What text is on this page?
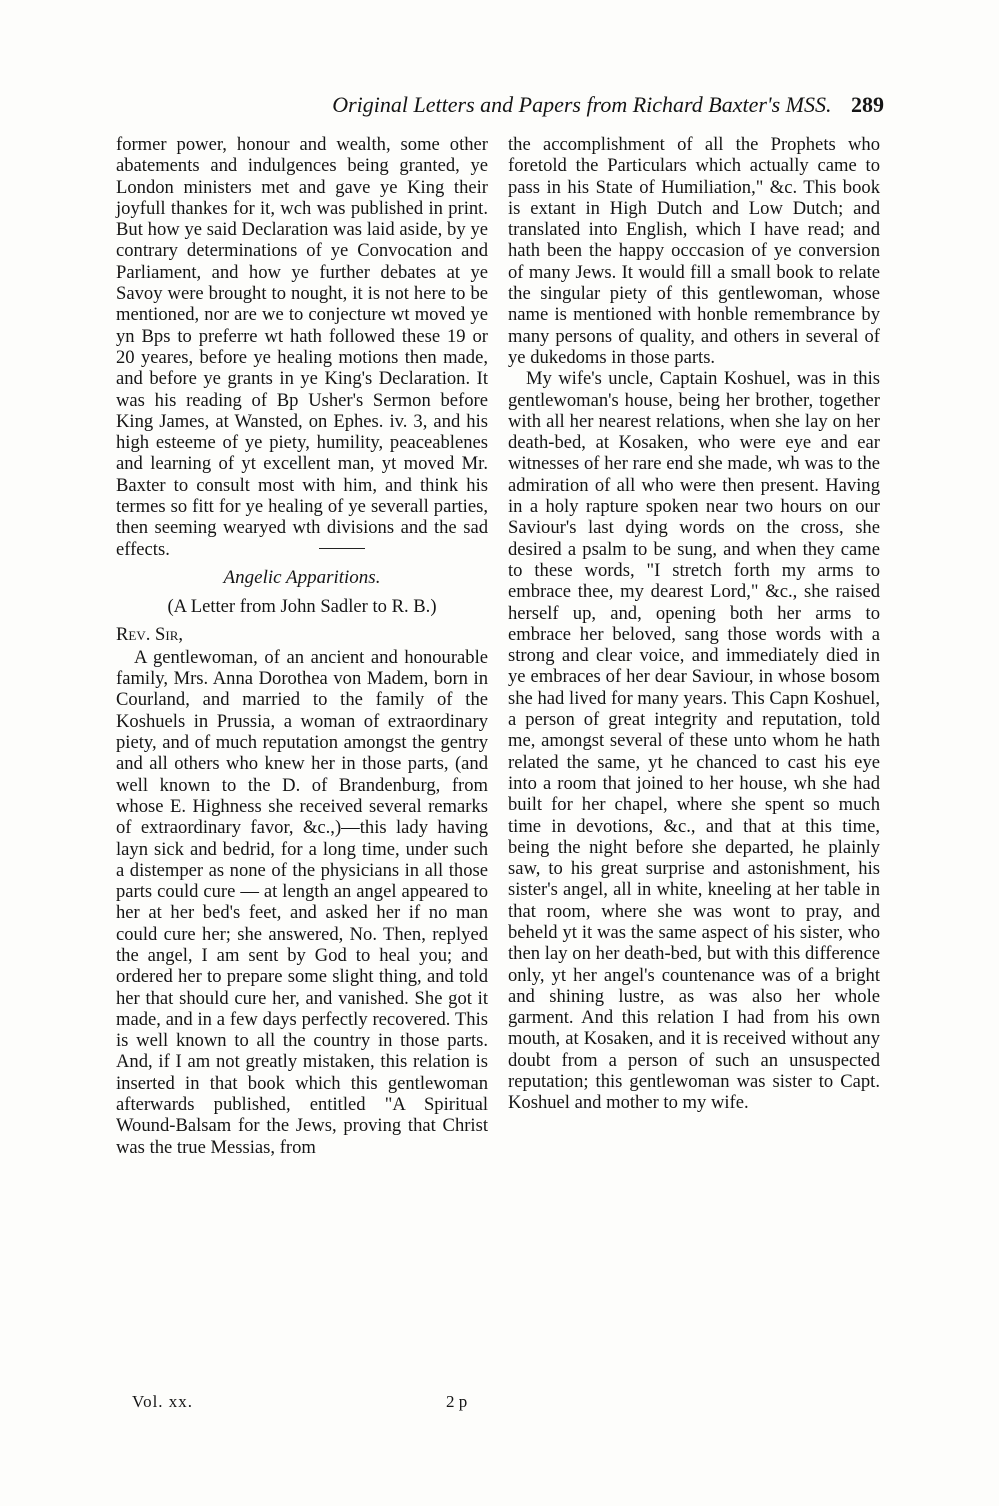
Original Letters and Papers from Richard Baxter's MSS. 289

former power, honour and wealth, some other abatements and indulgences being granted, ye London ministers met and gave ye King their joyfull thankes for it, wch was published in print. But how ye said Declaration was laid aside, by ye contrary determinations of ye Convocation and Parliament, and how ye further debates at ye Savoy were brought to nought, it is not here to be mentioned, nor are we to conjecture wt moved ye yn Bps to preferre wt hath followed these 19 or 20 yeares, before ye healing motions then made, and before ye grants in ye King's Declaration. It was his reading of Bp Usher's Sermon before King James, at Wansted, on Ephes. iv. 3, and his high esteeme of ye piety, humility, peaceablenes and learning of yt excellent man, yt moved Mr. Baxter to consult most with him, and think his termes so fitt for ye healing of ye severall parties, then seeming wearyed wth divisions and the sad effects.

Angelic Apparitions.
(A Letter from John Sadler to R. B.)
Rev. Sir,

A gentlewoman, of an ancient and honourable family, Mrs. Anna Dorothea von Madem, born in Courland, and married to the family of the Koshuels in Prussia, a woman of extraordinary piety, and of much reputation amongst the gentry and all others who knew her in those parts, (and well known to the D. of Brandenburg, from whose E. Highness she received several remarks of extraordinary favor, &c.,)—this lady having layn sick and bedrid, for a long time, under such a distemper as none of the physicians in all those parts could cure — at length an angel appeared to her at her bed's feet, and asked her if no man could cure her; she answered, No. Then, replyed the angel, I am sent by God to heal you; and ordered her to prepare some slight thing, and told her that should cure her, and vanished. She got it made, and in a few days perfectly recovered. This is well known to all the country in those parts. And, if I am not greatly mistaken, this relation is inserted in that book which this gentlewoman afterwards published, entitled "A Spiritual Wound-Balsam for the Jews, proving that Christ was the true Messias, from

the accomplishment of all the Prophets who foretold the Particulars which actually came to pass in his State of Humiliation," &c. This book is extant in High Dutch and Low Dutch; and translated into English, which I have read; and hath been the happy occcasion of ye conversion of many Jews. It would fill a small book to relate the singular piety of this gentlewoman, whose name is mentioned with honble remembrance by many persons of quality, and others in several of ye dukedoms in those parts.

My wife's uncle, Captain Koshuel, was in this gentlewoman's house, being her brother, together with all her nearest relations, when she lay on her death-bed, at Kosaken, who were eye and ear witnesses of her rare end she made, wh was to the admiration of all who were then present. Having in a holy rapture spoken near two hours on our Saviour's last dying words on the cross, she desired a psalm to be sung, and when they came to these words, "I stretch forth my arms to embrace thee, my dearest Lord," &c., she raised herself up, and, opening both her arms to embrace her beloved, sang those words with a strong and clear voice, and immediately died in ye embraces of her dear Saviour, in whose bosom she had lived for many years. This Capn Koshuel, a person of great integrity and reputation, told me, amongst several of these unto whom he hath related the same, yt he chanced to cast his eye into a room that joined to her house, wh she had built for her chapel, where she spent so much time in devotions, &c., and that at this time, being the night before she departed, he plainly saw, to his great surprise and astonishment, his sister's angel, all in white, kneeling at her table in that room, where she was wont to pray, and beheld yt it was the same aspect of his sister, who then lay on her death-bed, but with this difference only, yt her angel's countenance was of a bright and shining lustre, as was also her whole garment. And this relation I had from his own mouth, at Kosaken, and it is received without any doubt from a person of such an unsuspected reputation; this gentlewoman was sister to Capt. Koshuel and mother to my wife.

Vol. xx.	2 p
